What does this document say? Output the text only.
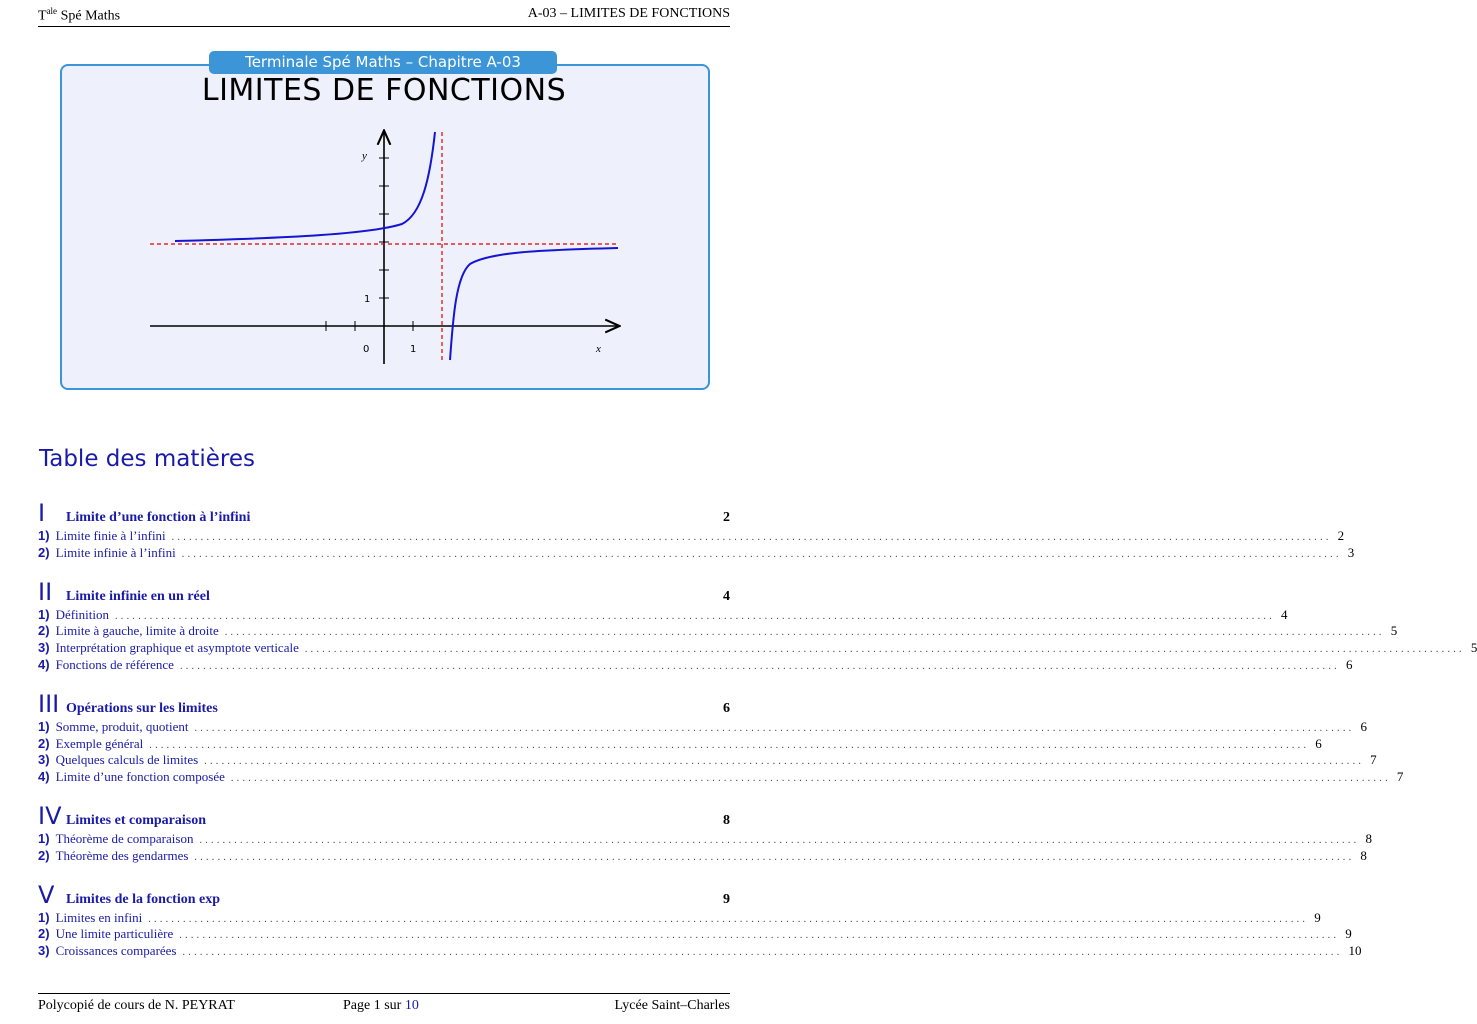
$T^{ale}$ Spé Maths	A-03 – LIMITES DE FONCTIONS
Terminale Spé Maths – Chapitre A-03
LIMITES DE FONCTIONS
y
x
0	1
1
Table des matières
I	Limite d’une fonction à l’infini	2
1) Limite finie à l’infini ........................................................................................................................................................................................................ 2
2) Limite infinie à l’infini ........................................................................................................................................................................................................ 3
II Limite infinie en un réel	4
1) Définition ........................................................................................................................................................................................................ 4
2) Limite à gauche, limite à droite ........................................................................................................................................................................................................ 5
3) Interprétation graphique et asymptote verticale ........................................................................................................................................................................................................ 5
4) Fonctions de référence ........................................................................................................................................................................................................ 6
III Opérations sur les limites	6
1) Somme, produit, quotient ........................................................................................................................................................................................................ 6
2) Exemple général ........................................................................................................................................................................................................ 6
3) Quelques calculs de limites ........................................................................................................................................................................................................ 7
4) Limite d’une fonction composée ........................................................................................................................................................................................................ 7
IV Limites et comparaison	8
1) Théorème de comparaison ........................................................................................................................................................................................................ 8
2) Théorème des gendarmes ........................................................................................................................................................................................................ 8
V Limites de la fonction exp	9
1) Limites en infini ........................................................................................................................................................................................................ 9
2) Une limite particulière ........................................................................................................................................................................................................ 9
3) Croissances comparées ........................................................................................................................................................................................................ 10
Polycopié de cours de N. PEYRAT	Page 1 sur 10	Lycée Saint–Charles
